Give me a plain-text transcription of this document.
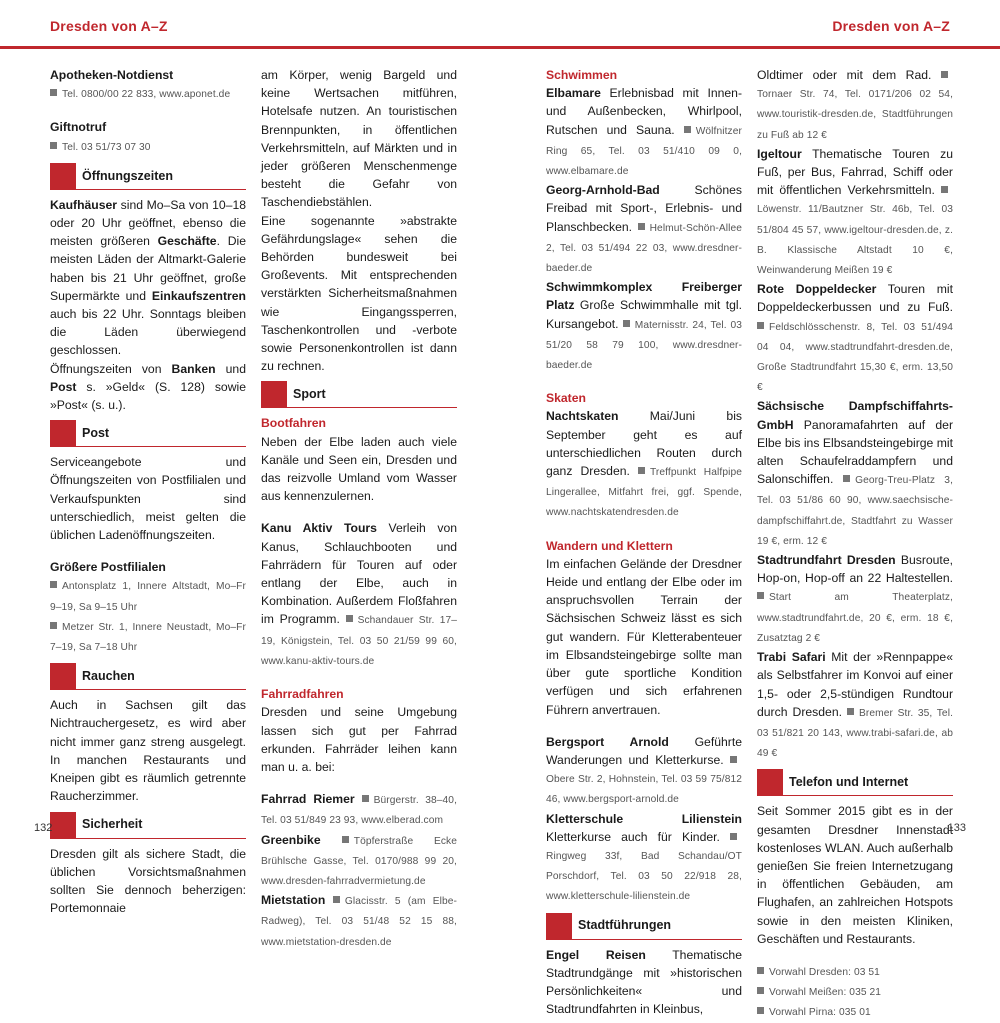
Dresden von A–Z	Dresden von A–Z

Apotheken-Notdienst

Tel. 0800/00 22 833, www.aponet.de

Giftnotruf

Tel. 03 51/73 07 30

Öffnungszeiten

Kaufhäuser sind Mo–Sa von 10–18 oder 20 Uhr geöffnet, ebenso die meisten größeren Geschäfte. Die meisten Läden der Altmarkt-Galerie haben bis 21 Uhr geöffnet, große Supermärkte und Einkaufszentren auch bis 22 Uhr. Sonntags bleiben die Läden überwiegend geschlossen.

Öffnungszeiten von Banken und Post s. »Geld« (S. 128) sowie »Post« (s. u.).

Post

Serviceangebote und Öffnungszeiten von Postfilialen und Verkaufspunkten sind unterschiedlich, meist gelten die üblichen Ladenöffnungszeiten.

Größere Postfilialen

Antonsplatz 1, Innere Altstadt, Mo–Fr 9–19, Sa 9–15 Uhr

Metzer Str. 1, Innere Neustadt, Mo–Fr 7–19, Sa 7–18 Uhr

Rauchen

Auch in Sachsen gilt das Nichtrauchergesetz, es wird aber nicht immer ganz streng ausgelegt. In manchen Restaurants und Kneipen gibt es räumlich getrennte Raucherzimmer.

Sicherheit

Dresden gilt als sichere Stadt, die üblichen Vorsichtsmaßnahmen sollten Sie dennoch beherzigen: Portemonnaie

am Körper, wenig Bargeld und keine Wertsachen mitführen, Hotelsafe nutzen. An touristischen Brennpunkten, in öffentlichen Verkehrsmitteln, auf Märkten und in jeder größeren Menschenmenge besteht die Gefahr von Taschendiebstählen.

Eine sogenannte »abstrakte Gefährdungslage« sehen die Behörden bundesweit bei Großevents. Mit entsprechenden verstärkten Sicherheitsmaßnahmen wie Eingangssperren, Taschenkontrollen und -verbote sowie Personenkontrollen ist dann zu rechnen.

Sport

Bootfahren

Neben der Elbe laden auch viele Kanäle und Seen ein, Dresden und das reizvolle Umland vom Wasser aus kennenzulernen.

Kanu Aktiv Tours Verleih von Kanus, Schlauchbooten und Fahrrädern für Touren auf oder entlang der Elbe, auch in Kombination. Außerdem Floßfahren im Programm. Schandauer Str. 17–19, Königstein, Tel. 03 50 21/59 99 60, www.kanu-aktiv-tours.de

Fahrradfahren

Dresden und seine Umgebung lassen sich gut per Fahrrad erkunden. Fahrräder leihen kann man u. a. bei:

Fahrrad Riemer Bürgerstr. 38–40, Tel. 03 51/849 23 93, www.elberad.com

Greenbike	Töpferstraße Ecke Brühlsche Gasse, Tel. 0170/988 99 20, www.dresden-fahrradvermietung.de

Mietstation Glacisstr. 5 (am Elbe-Radweg), Tel. 03 51/48 52 15 88, www.mietstation-dresden.de

Schwimmen

Elbamare Erlebnisbad mit Innen- und Außenbecken, Whirlpool, Rutschen und Sauna. Wölfnitzer Ring 65, Tel. 03 51/410 09 0, www.elbamare.de

Georg-Arnhold-Bad Schönes Freibad mit Sport-, Erlebnis- und Planschbecken. Helmut-Schön-Allee 2, Tel. 03 51/494 22 03, www.dresdner-baeder.de

Schwimmkomplex Freiberger Platz Große Schwimmhalle mit tgl. Kursangebot. Maternisstr. 24, Tel. 03 51/20 58 79 100, www.dresdner-baeder.de

Skaten

Nachtskaten Mai/Juni bis September geht es auf unterschiedlichen Routen durch ganz Dresden. Treffpunkt Halfpipe Lingerallee, Mitfahrt frei, ggf. Spende, www.nachtskatendresden.de

Wandern und Klettern

Im einfachen Gelände der Dresdner Heide und entlang der Elbe oder im anspruchsvollen Terrain der Sächsischen Schweiz lässt es sich gut wandern. Für Kletterabenteuer im Elbsandsteingebirge sollte man über gute sportliche Kondition verfügen und sich erfahrenen Führern anvertrauen.

Bergsport Arnold Geführte Wanderungen und Kletterkurse. Obere Str. 2, Hohnstein, Tel. 03 59 75/812 46, www.bergsport-arnold.de

Kletterschule Lilienstein Kletterkurse auch für Kinder. Ringweg 33f, Bad Schandau/OT Porschdorf, Tel. 03 50 22/918 28, www.kletterschule-lilienstein.de

Stadtführungen

Engel Reisen Thematische Stadtrundgänge mit »historischen Persönlichkeiten« und Stadtrundfahrten in Kleinbus,

Oldtimer oder mit dem Rad. Tornaer Str. 74, Tel. 0171/206 02 54, www.touristik-dresden.de, Stadtführungen zu Fuß ab 12 €

Igeltour Thematische Touren zu Fuß, per Bus, Fahrrad, Schiff oder mit öffentlichen Verkehrsmitteln. Löwenstr. 11/Bautzner Str. 46b, Tel. 03 51/804 45 57, www.igeltour-dresden.de, z. B. Klassische Altstadt 10 €, Weinwanderung Meißen 19 €

Rote Doppeldecker Touren mit Doppeldeckerbussen und zu Fuß. Feldschlösschenstr. 8, Tel. 03 51/494 04 04, www.stadtrundfahrt-dresden.de, Große Stadtrundfahrt 15,30 €, erm. 13,50 €

Sächsische Dampfschiffahrts-GmbH Panoramafahrten auf der Elbe bis ins Elbsandsteingebirge mit alten Schaufelraddampfern und Salonschiffen. Georg-Treu-Platz 3, Tel. 03 51/86 60 90, www.saechsische-dampfschiffahrt.de, Stadtfahrt zu Wasser 19 €, erm. 12 €

Stadtrundfahrt Dresden Busroute, Hop-on, Hop-off an 22 Haltestellen. Start am Theaterplatz, www.stadtrundfahrt.de, 20 €, erm. 18 €, Zusatztag 2 €

Trabi Safari Mit der »Rennpappe« als Selbstfahrer im Konvoi auf einer 1,5- oder 2,5-stündigen Rundtour durch Dresden. Bremer Str. 35, Tel. 03 51/821 20 143, www.trabi-safari.de, ab 49 €

Telefon und Internet

Seit Sommer 2015 gibt es in der gesamten Dresdner Innenstadt kostenloses WLAN. Auch außerhalb genießen Sie freien Internetzugang in öffentlichen Gebäuden, am Flughafen, an zahlreichen Hotspots sowie in den meisten Kliniken, Geschäften und Restaurants.

Vorwahl Dresden: 03 51

Vorwahl Meißen: 035 21

Vorwahl Pirna: 035 01

132	133
